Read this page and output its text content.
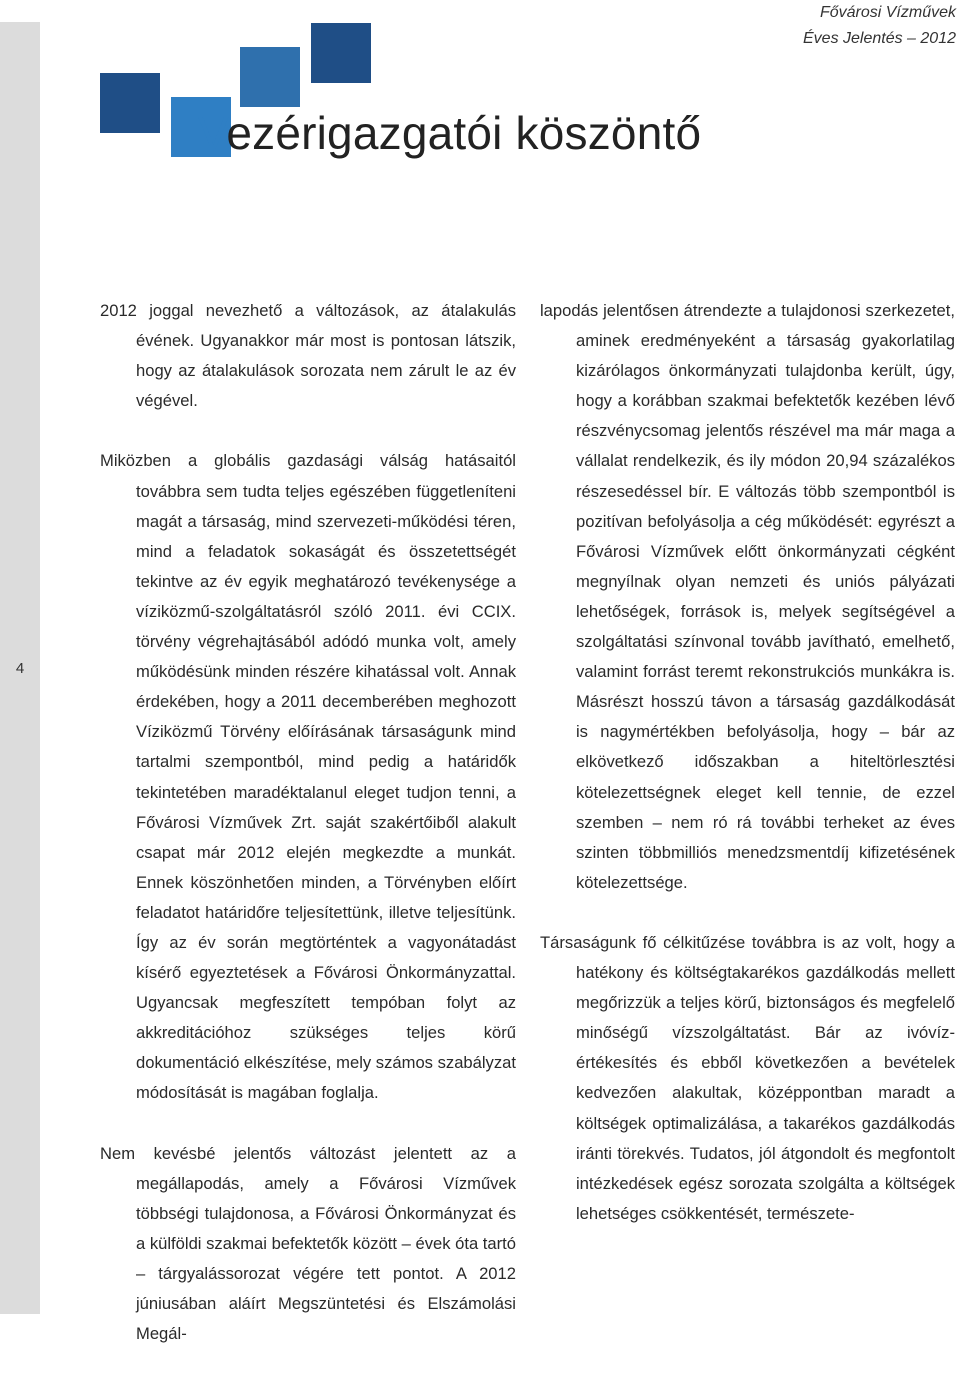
4
Fővárosi Vízművek
Éves Jelentés – 2012
Vezérigazgatói köszöntő

2012 joggal nevezhető a változások, az átalakulás évének. Ugyanakkor már most is pontosan látszik, hogy az átalakulások sorozata nem zárult le az év végével.

Miközben a globális gazdasági válság hatásaitól továbbra sem tudta teljes egészében függetleníteni magát a társaság, mind szervezeti-működési téren, mind a feladatok sokaságát és összetettségét tekintve az év egyik meghatározó tevékenysége a víziközmű-szolgáltatásról szóló 2011. évi CCIX. törvény végrehajtásából adódó munka volt, amely működésünk minden részére kihatással volt. Annak érdekében, hogy a 2011 decemberében meghozott Víziközmű Törvény előírásának társaságunk mind tartalmi szempontból, mind pedig a határidők tekintetében maradéktalanul eleget tudjon tenni, a Fővárosi Vízművek Zrt. saját szakértőiből alakult csapat már 2012 elején megkezdte a munkát. Ennek köszönhetően minden, a Törvényben előírt feladatot határidőre teljesítettünk, illetve teljesítünk. Így az év során megtörténtek a vagyonátadást kísérő egyeztetések a Fővárosi Önkormányzattal. Ugyancsak megfeszített tempóban folyt az akkreditációhoz szükséges teljes körű dokumentáció elkészítése, mely számos szabályzat módosítását is magában foglalja.

Nem kevésbé jelentős változást jelentett az a megállapodás, amely a Fővárosi Vízművek többségi tulajdonosa, a Fővárosi Önkormányzat és a külföldi szakmai befektetők között – évek óta tartó – tárgyalássorozat végére tett pontot. A 2012 júniusában aláírt Megszüntetési és Elszámolási Megál-

lapodás jelentősen átrendezte a tulajdonosi szerkezetet, aminek eredményeként a társaság gyakorlatilag kizárólagos önkormányzati tulajdonba került, úgy, hogy a korábban szakmai befektetők kezében lévő részvénycsomag jelentős részével ma már maga a vállalat rendelkezik, és ily módon 20,94 százalékos részesedéssel bír. E változás több szempontból is pozitívan befolyásolja a cég működését: egyrészt a Fővárosi Vízművek előtt önkormányzati cégként megnyílnak olyan nemzeti és uniós pályázati lehetőségek, források is, melyek segítségével a szolgáltatási színvonal tovább javítható, emelhető, valamint forrást teremt rekonstrukciós munkákra is. Másrészt hosszú távon a társaság gazdálkodását is nagymértékben befolyásolja, hogy – bár az elkövetkező időszakban a hiteltörlesztési kötelezettségnek eleget kell tennie, de ezzel szemben – nem ró rá további terheket az éves szinten többmilliós menedzsmentdíj kifizetésének kötelezettsége.

Társaságunk fő célkitűzése továbbra is az volt, hogy a hatékony és költségtakarékos gazdálkodás mellett megőrizzük a teljes körű, biztonságos és megfelelő minőségű vízszolgáltatást. Bár az ivóvíz-értékesítés és ebből következően a bevételek kedvezően alakultak, középpontban maradt a költségek optimalizálása, a takarékos gazdálkodás iránti törekvés. Tudatos, jól átgondolt és megfontolt intézkedések egész sorozata szolgálta a költségek lehetséges csökkentését, természete-
